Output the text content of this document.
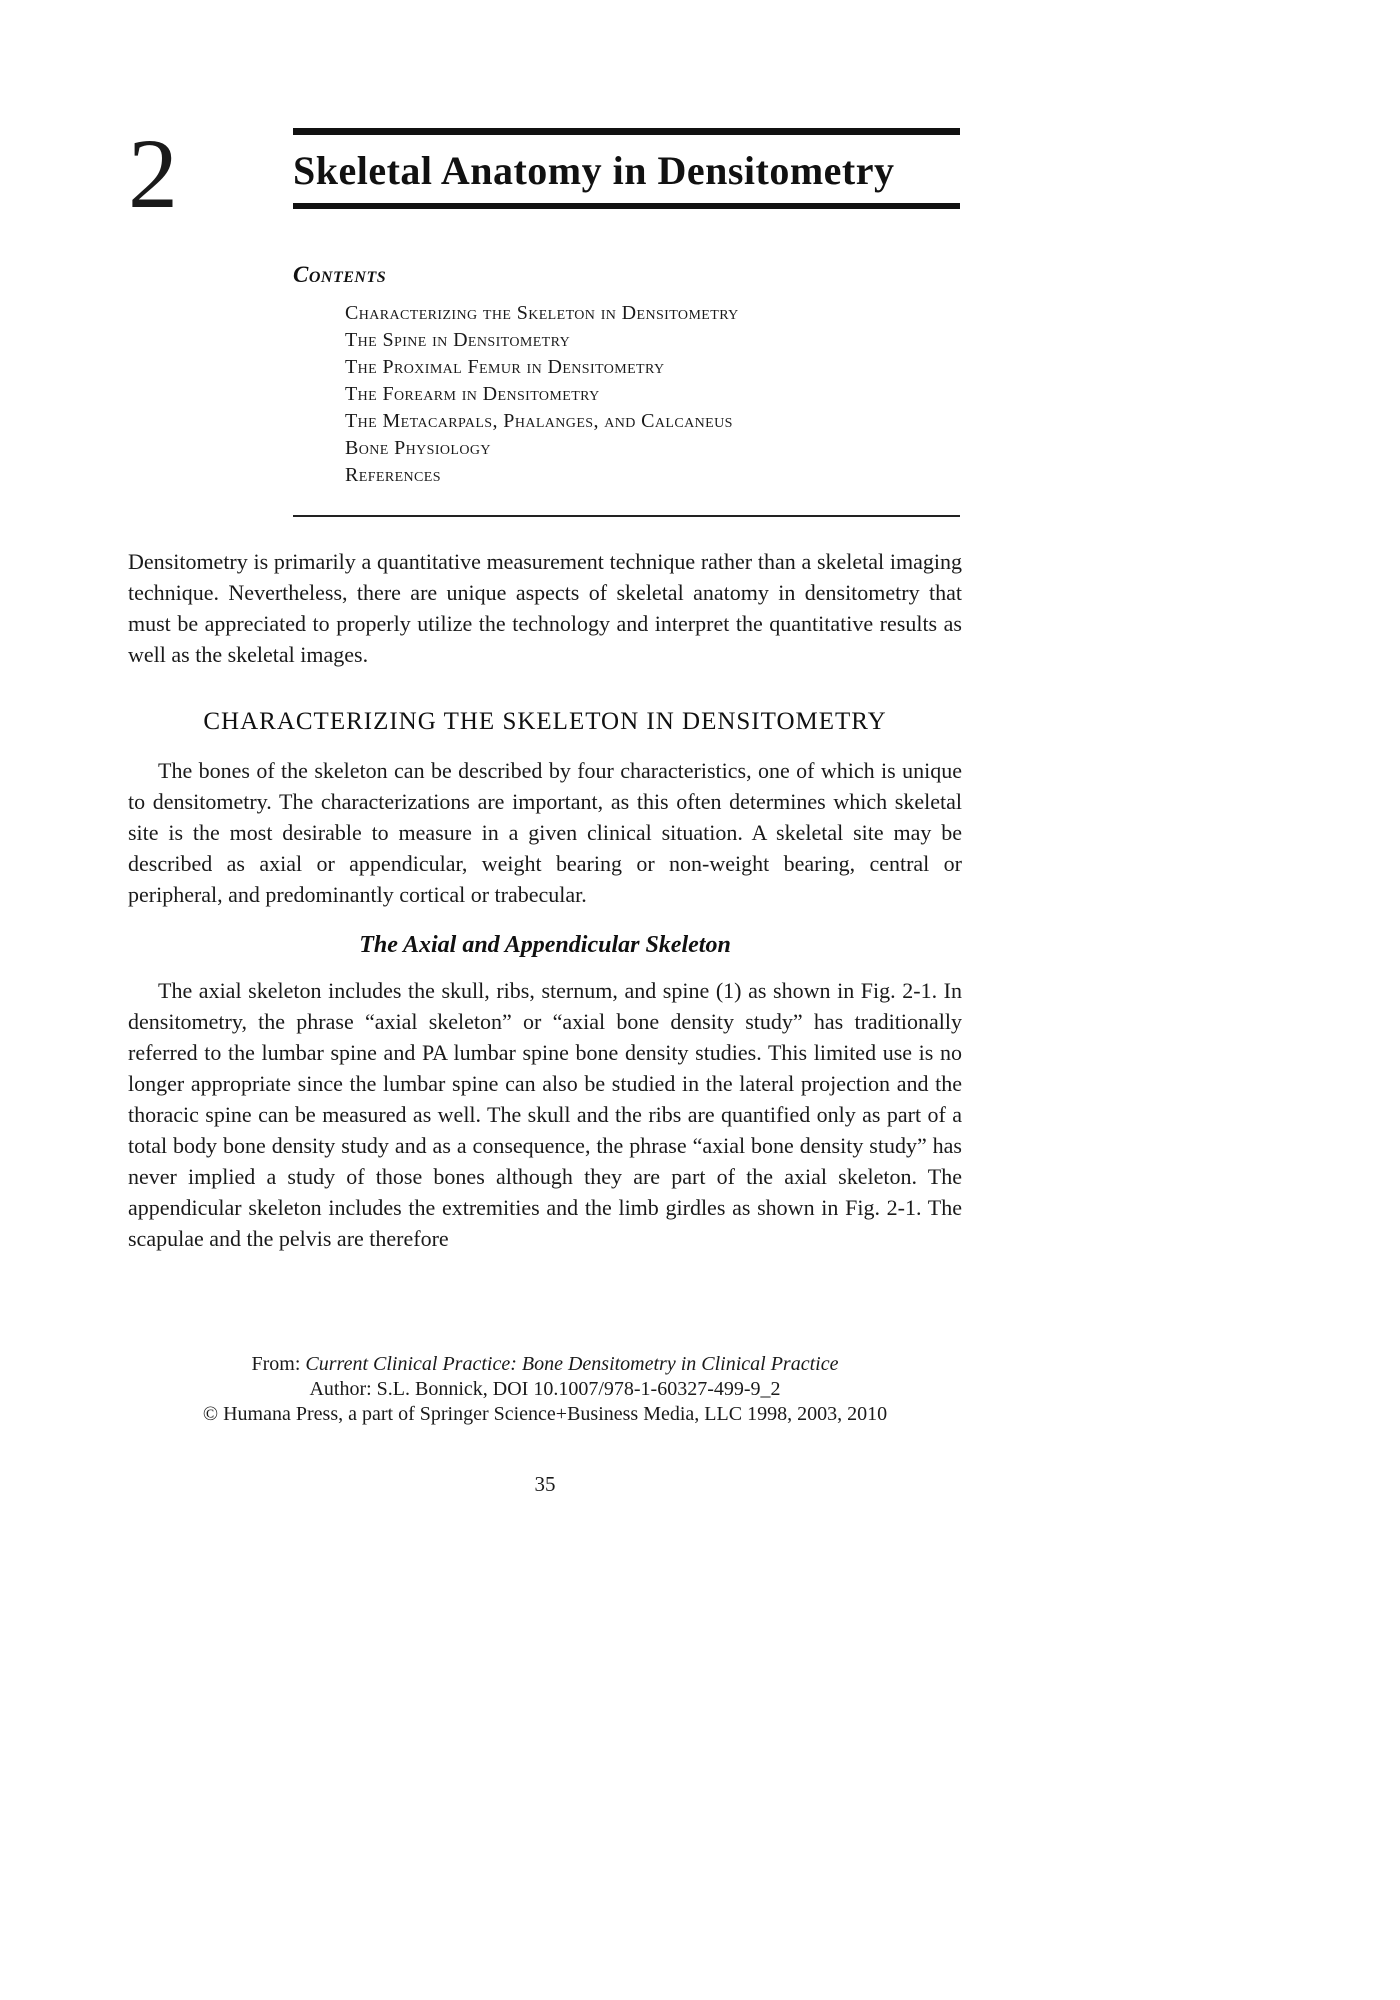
2	Skeletal Anatomy in Densitometry
Contents
Characterizing the Skeleton in Densitometry
The Spine in Densitometry
The Proximal Femur in Densitometry
The Forearm in Densitometry
The Metacarpals, Phalanges, and Calcaneus
Bone Physiology
References

Densitometry is primarily a quantitative measurement technique rather than a skeletal imaging technique. Nevertheless, there are unique aspects of skeletal anatomy in densitometry that must be appreciated to properly utilize the technology and interpret the quantitative results as well as the skeletal images.

CHARACTERIZING THE SKELETON IN DENSITOMETRY

The bones of the skeleton can be described by four characteristics, one of which is unique to densitometry. The characterizations are important, as this often determines which skeletal site is the most desirable to measure in a given clinical situation. A skeletal site may be described as axial or appendicular, weight bearing or non-weight bearing, central or peripheral, and predominantly cortical or trabecular.

The Axial and Appendicular Skeleton

The axial skeleton includes the skull, ribs, sternum, and spine (1) as shown in Fig. 2-1. In densitometry, the phrase “axial skeleton” or “axial bone density study” has traditionally referred to the lumbar spine and PA lumbar spine bone density studies. This limited use is no longer appropriate since the lumbar spine can also be studied in the lateral projection and the thoracic spine can be measured as well. The skull and the ribs are quantified only as part of a total body bone density study and as a consequence, the phrase “axial bone density study” has never implied a study of those bones although they are part of the axial skeleton. The appendicular skeleton includes the extremities and the limb girdles as shown in Fig. 2-1. The scapulae and the pelvis are therefore

From: Current Clinical Practice: Bone Densitometry in Clinical Practice
Author: S.L. Bonnick, DOI 10.1007/978-1-60327-499-9_2
© Humana Press, a part of Springer Science+Business Media, LLC 1998, 2003, 2010
35
